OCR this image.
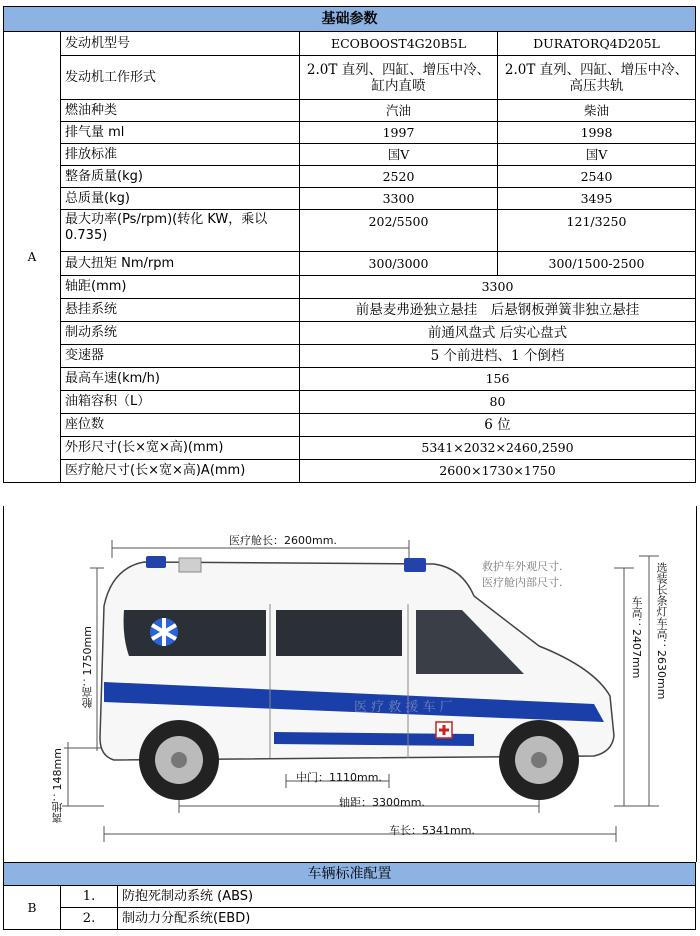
基础参数			
A	发动机型号	ECOBOOST4G20B5L	DURATORQ4D205L
	发动机工作形式	2.0T 直列、四缸、增压中冷、缸内直喷	2.0T 直列、四缸、增压中冷、高压共轨
	燃油种类	汽油	柴油
	排气量 ml	1997	1998
	排放标准	国Ⅴ	国Ⅴ
	整备质量(kg)	2520	2540
	总质量(kg)	3300	3495
	最大功率(Ps/rpm)(转化 KW，乘以 0.735)	202/5500	121/3250
	最大扭矩 Nm/rpm	300/3000	300/1500-2500
	轴距(mm)	3300	
	悬挂系统	前悬麦弗逊独立悬挂　后悬钢板弹簧非独立悬挂	
	制动系统	前通风盘式 后实心盘式	
	变速器	5 个前进档、1 个倒档	
	最高车速(km/h)	156	
	油箱容积（L）	80	
	座位数	6 位	
	外形尺寸(长×宽×高)(mm)	5341×2032×2460,2590	
	医疗舱尺寸(长×宽×高)A(mm)	2600×1730×1750	
医疗舱长：2600mm.
救护车外观尺寸.
医疗舱内部尺寸.
舱高：1750mm
离地：148mm
车高：2407mm 选装长条灯车高：2630mm
中门：1110mm.
轴距：3300mm.
车长：5341mm.
医 疗 救 援 车 厂
车辆标准配置		
B	1.	防抱死制动系统 (ABS)
	2.	制动力分配系统(EBD)
